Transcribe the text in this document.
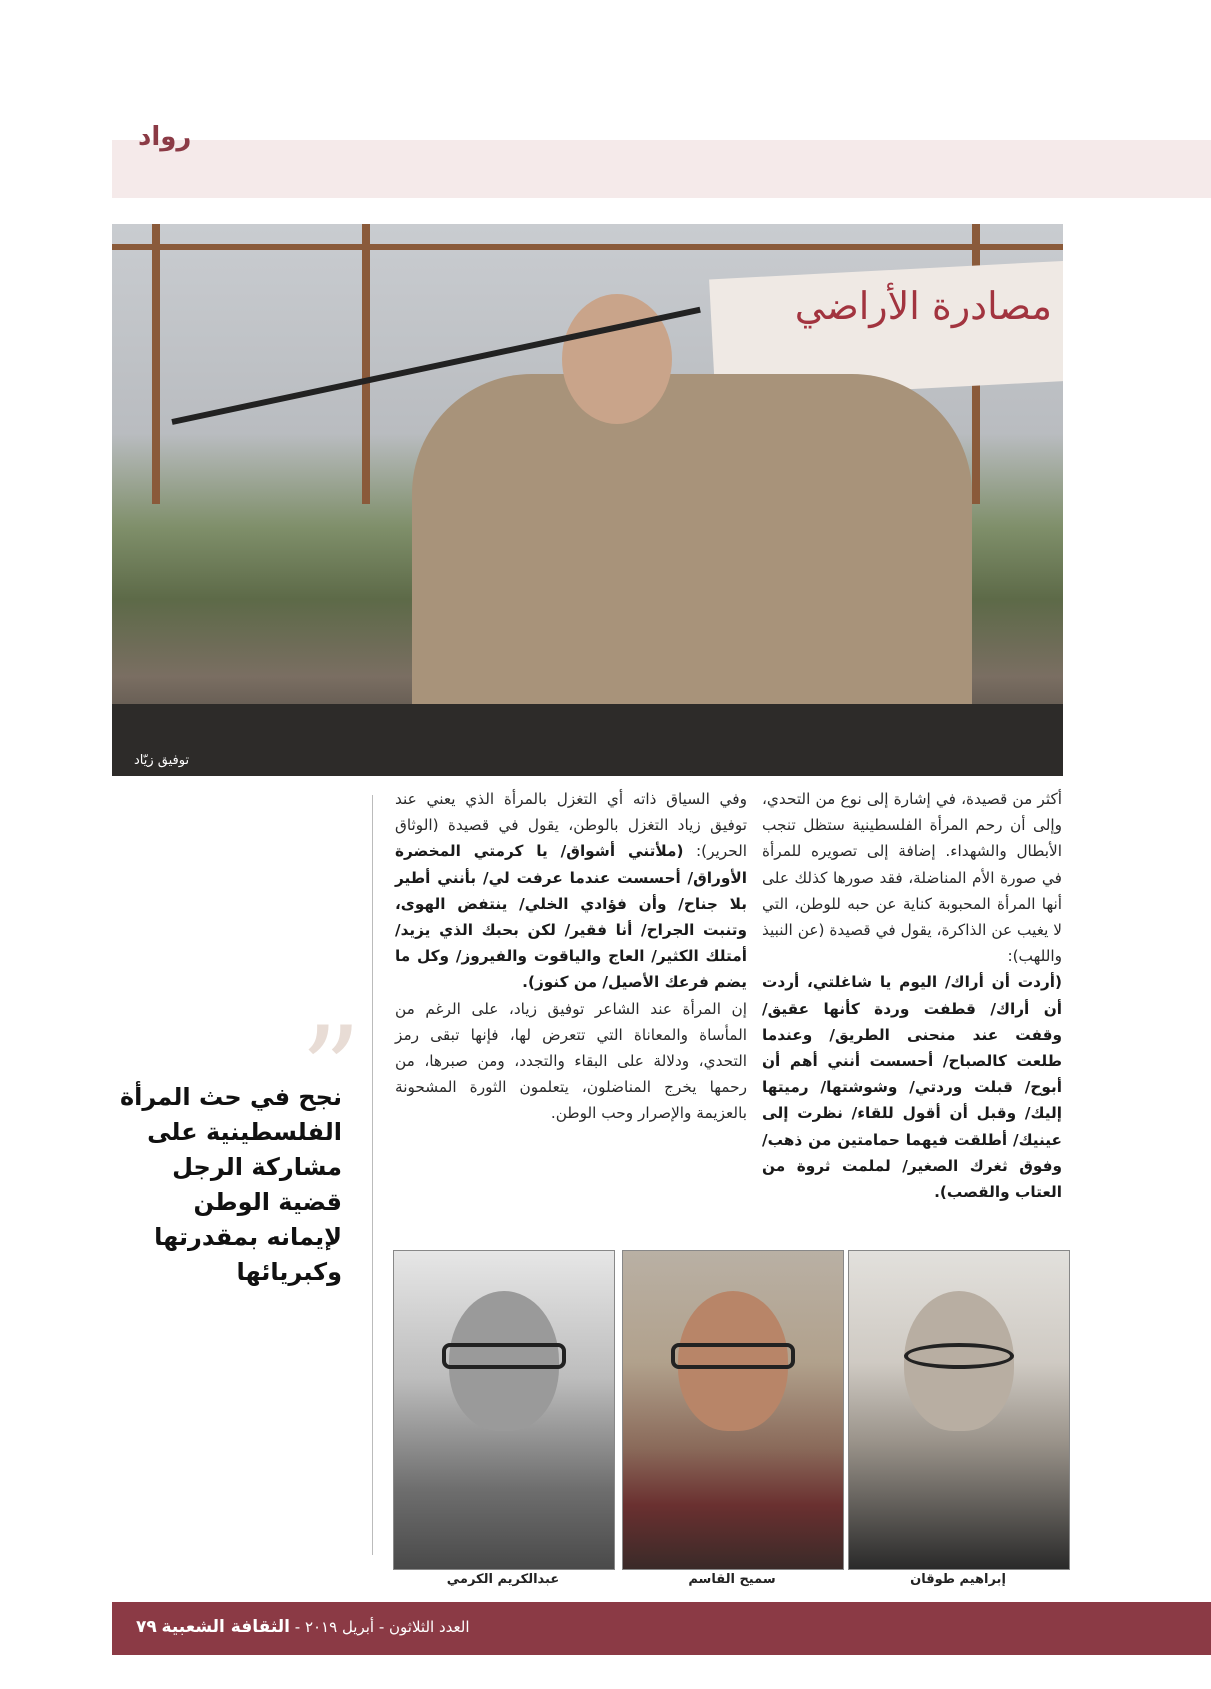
رواد
مصادرة الأراضي
توفيق زيّاد

أكثر من قصيدة، في إشارة إلى نوع من التحدي، وإلى أن رحم المرأة الفلسطينية ستظل تنجب الأبطال والشهداء. إضافة إلى تصويره للمرأة في صورة الأم المناضلة، فقد صورها كذلك على أنها المرأة المحبوبة كناية عن حبه للوطن، التي لا يغيب عن الذاكرة، يقول في قصيدة (عن النبيذ واللهب):

(أردت أن أراك/ اليوم يا شاغلتي، أردت أن أراك/ قطفت وردة كأنها عقيق/ وقفت عند منحنى الطريق/ وعندما طلعت كالصباح/ أحسست أنني أهم أن أبوح/ قبلت وردتي/ وشوشتها/ رميتها إليك/ وقبل أن أقول للقاء/ نظرت إلى عينيك/ أطلقت فيهما حمامتين من ذهب/ وفوق ثغرك الصغير/ لملمت ثروة من العتاب والقصب).

وفي السياق ذاته أي التغزل بالمرأة الذي يعني عند توفيق زياد التغزل بالوطن، يقول في قصيدة (الوثاق الحرير): (ملأتني أشواق/ يا كرمتي المخضرة الأوراق/ أحسست عندما عرفت لي/ بأنني أطير بلا جناح/ وأن فؤادي الخلي/ ينتفض الهوى، وتنبت الجراح/ أنا فقير/ لكن بحبك الذي يزيد/ أمتلك الكثير/ العاج والياقوت والفيروز/ وكل ما يضم فرعك الأصيل/ من كنوز).

إن المرأة عند الشاعر توفيق زياد، على الرغم من المأساة والمعاناة التي تتعرض لها، فإنها تبقى رمز التحدي، ودلالة على البقاء والتجدد، ومن صبرها، من رحمها يخرج المناضلون، يتعلمون الثورة المشحونة بالعزيمة والإصرار وحب الوطن.

”
نجح في حث المرأة الفلسطينية على مشاركة الرجل قضية الوطن لإيمانه بمقدرتها وكبريائها
عبدالكريم الكرمي	سميح القاسم	إبراهيم طوقان
العدد الثلاثون - أبريل ٢٠١٩ - الثقافة الشعبية ٧٩
